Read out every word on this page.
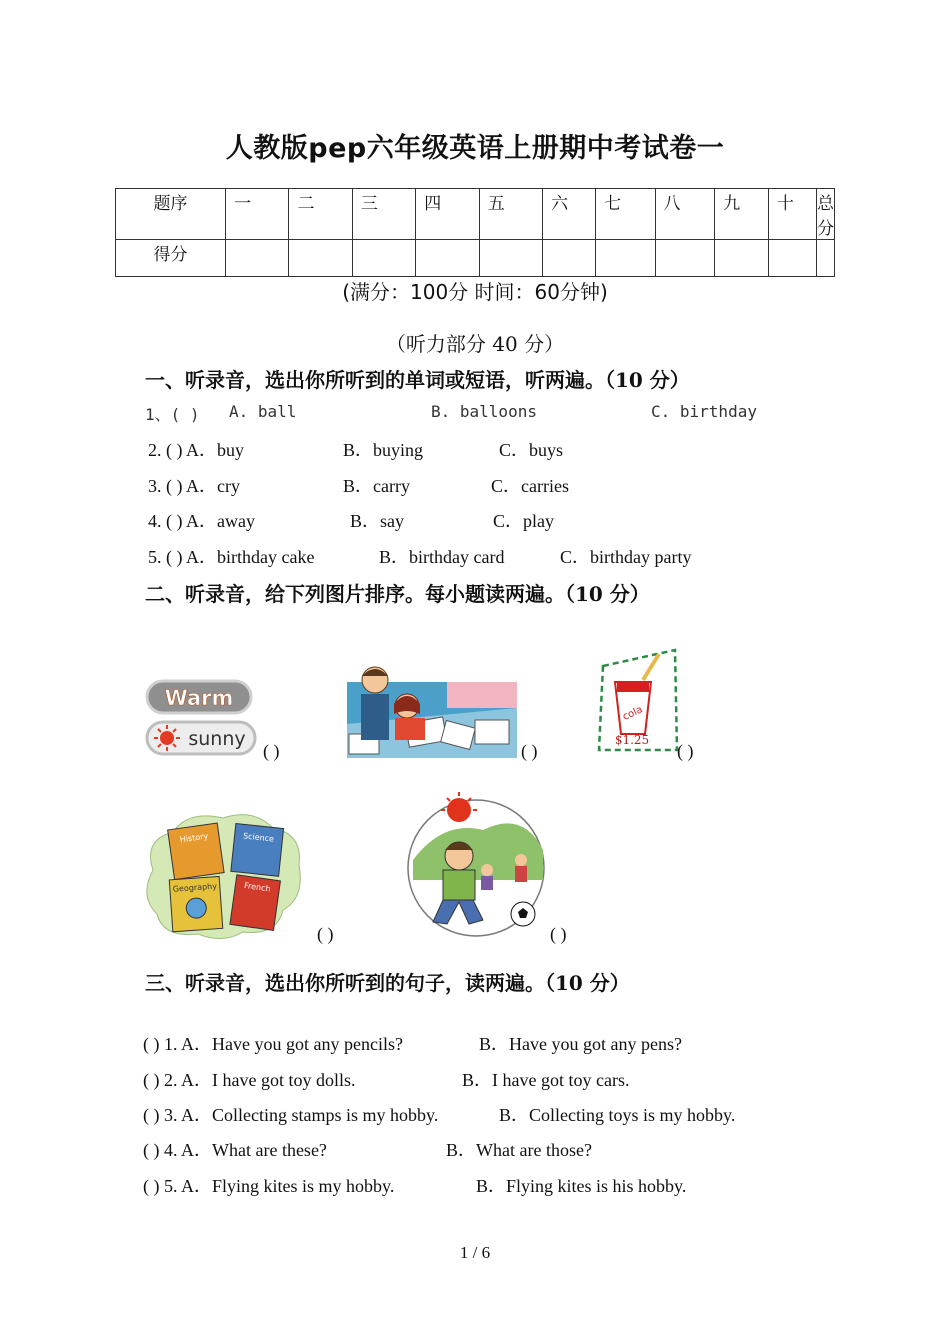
人教版pep六年级英语上册期中考试卷一
题序	一	二	三	四	五	六	七	八	九	十	总分
得分											
(满分：100分 时间：60分钟)
（听力部分 40 分）
一、听录音，选出你所听到的单词或短语，听两遍。（10 分）
1、( ) A. ball	B. balloons	C. birthday
2. ( ) A．buy	B．buying	C．buys
3. ( ) A．cry	B．carry	C．carries
4. ( ) A．away	B．say	C．play
5. ( ) A．birthday cake	B．birthday card	C．birthday party
二、听录音，给下列图片排序。每小题读两遍。（10 分）
Warm
sunny
( )	( )
cola
$1.25
( )
History	Science
Geography	French
( )	( )
三、听录音，选出你所听到的句子，读两遍。（10 分）
( ) 1. A．Have you got any pencils?	B．Have you got any pens?
( ) 2. A．I have got toy dolls.	B．I have got toy cars.
( ) 3. A．Collecting stamps is my hobby.	B．Collecting toys is my hobby.
( ) 4. A．What are these?	B．What are those?
( ) 5. A．Flying kites is my hobby.	B．Flying kites is his hobby.
1 / 6
